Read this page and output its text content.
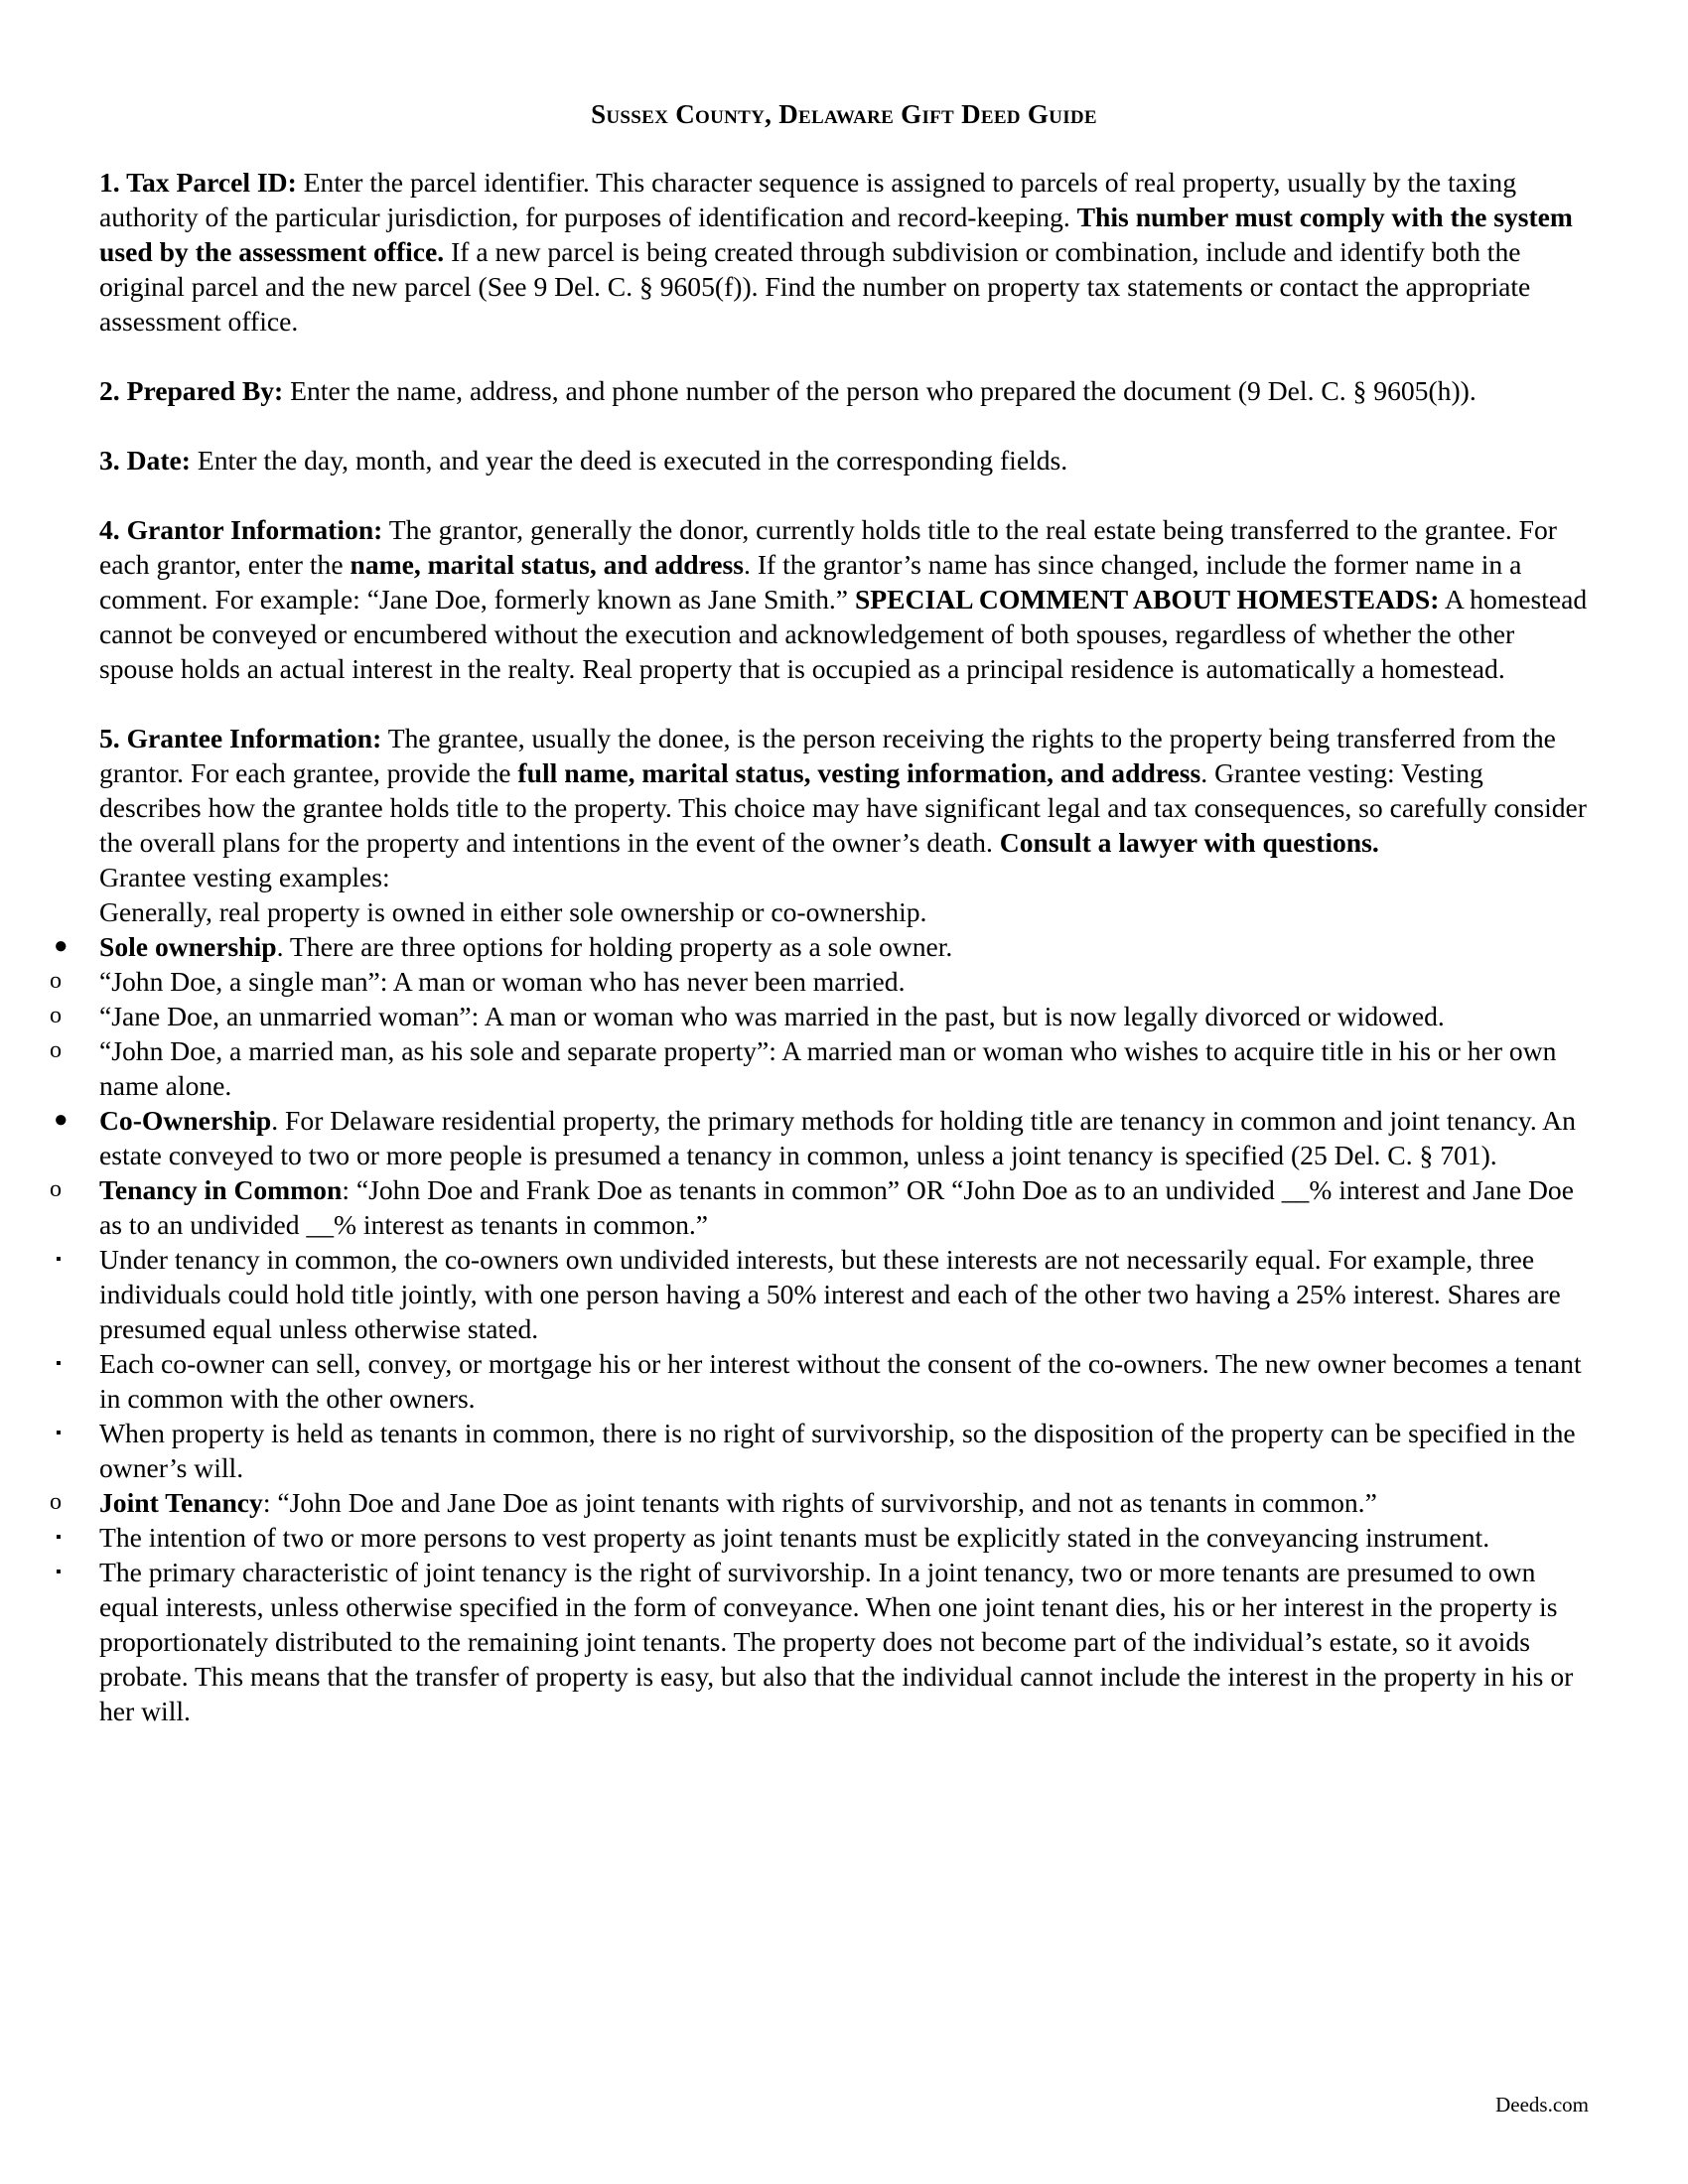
Sussex County, Delaware Gift Deed Guide

1. Tax Parcel ID: Enter the parcel identifier. This character sequence is assigned to parcels of real property, usually by the taxing authority of the particular jurisdiction, for purposes of identification and record-keeping. This number must comply with the system used by the assessment office. If a new parcel is being created through subdivision or combination, include and identify both the original parcel and the new parcel (See 9 Del. C. § 9605(f)). Find the number on property tax statements or contact the appropriate assessment office.

2. Prepared By: Enter the name, address, and phone number of the person who prepared the document (9 Del. C. § 9605(h)).

3. Date: Enter the day, month, and year the deed is executed in the corresponding fields.

4. Grantor Information: The grantor, generally the donor, currently holds title to the real estate being transferred to the grantee. For each grantor, enter the name, marital status, and address. If the grantor’s name has since changed, include the former name in a comment. For example: “Jane Doe, formerly known as Jane Smith.” SPECIAL COMMENT ABOUT HOMESTEADS: A homestead cannot be conveyed or encumbered without the execution and acknowledgement of both spouses, regardless of whether the other spouse holds an actual interest in the realty. Real property that is occupied as a principal residence is automatically a homestead.

5. Grantee Information: The grantee, usually the donee, is the person receiving the rights to the property being transferred from the grantor. For each grantee, provide the full name, marital status, vesting information, and address. Grantee vesting: Vesting describes how the grantee holds title to the property. This choice may have significant legal and tax consequences, so carefully consider the overall plans for the property and intentions in the event of the owner’s death. Consult a lawyer with questions.

Grantee vesting examples:

Generally, real property is owned in either sole ownership or co-ownership.

● Sole ownership. There are three options for holding property as a sole owner.

o “John Doe, a single man”: A man or woman who has never been married.

o “Jane Doe, an unmarried woman”: A man or woman who was married in the past, but is now legally divorced or widowed.

o “John Doe, a married man, as his sole and separate property”: A married man or woman who wishes to acquire title in his or her own name alone.

● Co-Ownership. For Delaware residential property, the primary methods for holding title are tenancy in common and joint tenancy. An estate conveyed to two or more people is presumed a tenancy in common, unless a joint tenancy is specified (25 Del. C. § 701).

o Tenancy in Common: “John Doe and Frank Doe as tenants in common” OR “John Doe as to an undivided __% interest and Jane Doe as to an undivided __% interest as tenants in common.”

▪ Under tenancy in common, the co-owners own undivided interests, but these interests are not necessarily equal. For example, three individuals could hold title jointly, with one person having a 50% interest and each of the other two having a 25% interest. Shares are presumed equal unless otherwise stated.

▪ Each co-owner can sell, convey, or mortgage his or her interest without the consent of the co-owners. The new owner becomes a tenant in common with the other owners.

▪ When property is held as tenants in common, there is no right of survivorship, so the disposition of the property can be specified in the owner’s will.

o Joint Tenancy: “John Doe and Jane Doe as joint tenants with rights of survivorship, and not as tenants in common.”

▪ The intention of two or more persons to vest property as joint tenants must be explicitly stated in the conveyancing instrument.

▪ The primary characteristic of joint tenancy is the right of survivorship. In a joint tenancy, two or more tenants are presumed to own equal interests, unless otherwise specified in the form of conveyance. When one joint tenant dies, his or her interest in the property is proportionately distributed to the remaining joint tenants. The property does not become part of the individual’s estate, so it avoids probate. This means that the transfer of property is easy, but also that the individual cannot include the interest in the property in his or her will.

Deeds.com
